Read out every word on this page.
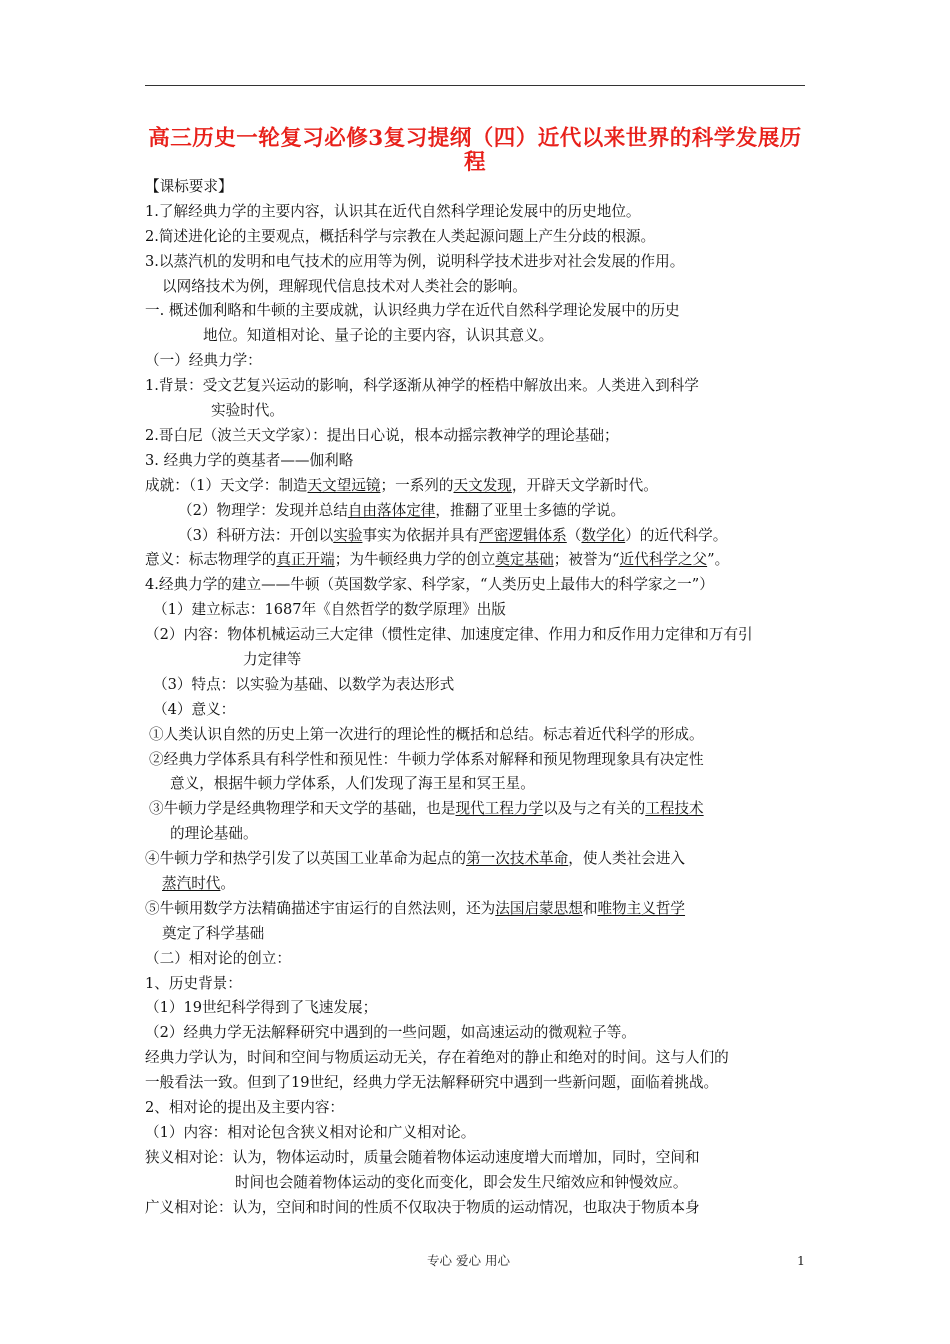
高三历史一轮复习必修3复习提纲（四）近代以来世界的科学发展历
程
【课标要求】
1.了解经典力学的主要内容，认识其在近代自然科学理论发展中的历史地位。
2.简述进化论的主要观点，概括科学与宗教在人类起源问题上产生分歧的根源。
3.以蒸汽机的发明和电气技术的应用等为例，说明科学技术进步对社会发展的作用。
以网络技术为例，理解现代信息技术对人类社会的影响。
一. 概述伽利略和牛顿的主要成就，认识经典力学在近代自然科学理论发展中的历史
地位。知道相对论、量子论的主要内容，认识其意义。
（一）经典力学：
1.背景：受文艺复兴运动的影响，科学逐渐从神学的桎梏中解放出来。人类进入到科学
实验时代。
2.哥白尼（波兰天文学家）：提出日心说，根本动摇宗教神学的理论基础；
3. 经典力学的奠基者——伽利略
成就：（1）天文学：制造天文望远镜；一系列的天文发现，开辟天文学新时代。
（2）物理学：发现并总结自由落体定律，推翻了亚里士多德的学说。
（3）科研方法：开创以实验事实为依据并具有严密逻辑体系（数学化）的近代科学。
意义：标志物理学的真正开端；为牛顿经典力学的创立奠定基础；被誉为“近代科学之父”。
4.经典力学的建立——牛顿（英国数学家、科学家，“人类历史上最伟大的科学家之一”）
（1）建立标志：1687年《自然哲学的数学原理》出版
（2）内容：物体机械运动三大定律（惯性定律、加速度定律、作用力和反作用力定律和万有引
力定律等
（3）特点：以实验为基础、以数学为表达形式
（4）意义：
①人类认识自然的历史上第一次进行的理论性的概括和总结。标志着近代科学的形成。
②经典力学体系具有科学性和预见性：牛顿力学体系对解释和预见物理现象具有决定性
意义，根据牛顿力学体系，人们发现了海王星和冥王星。
③牛顿力学是经典物理学和天文学的基础，也是现代工程力学以及与之有关的工程技术
的理论基础。
④牛顿力学和热学引发了以英国工业革命为起点的第一次技术革命，使人类社会进入
蒸汽时代。
⑤牛顿用数学方法精确描述宇宙运行的自然法则，还为法国启蒙思想和唯物主义哲学
奠定了科学基础
（二）相对论的创立：
1、历史背景：
（1）19世纪科学得到了飞速发展；
（2）经典力学无法解释研究中遇到的一些问题，如高速运动的微观粒子等。
经典力学认为，时间和空间与物质运动无关，存在着绝对的静止和绝对的时间。这与人们的
一般看法一致。但到了19世纪，经典力学无法解释研究中遇到一些新问题，面临着挑战。
2、相对论的提出及主要内容：
（1）内容：相对论包含狭义相对论和广义相对论。
狭义相对论：认为，物体运动时，质量会随着物体运动速度增大而增加，同时，空间和
时间也会随着物体运动的变化而变化，即会发生尺缩效应和钟慢效应。
广义相对论：认为，空间和时间的性质不仅取决于物质的运动情况，也取决于物质本身
专心 爱心 用心	1
